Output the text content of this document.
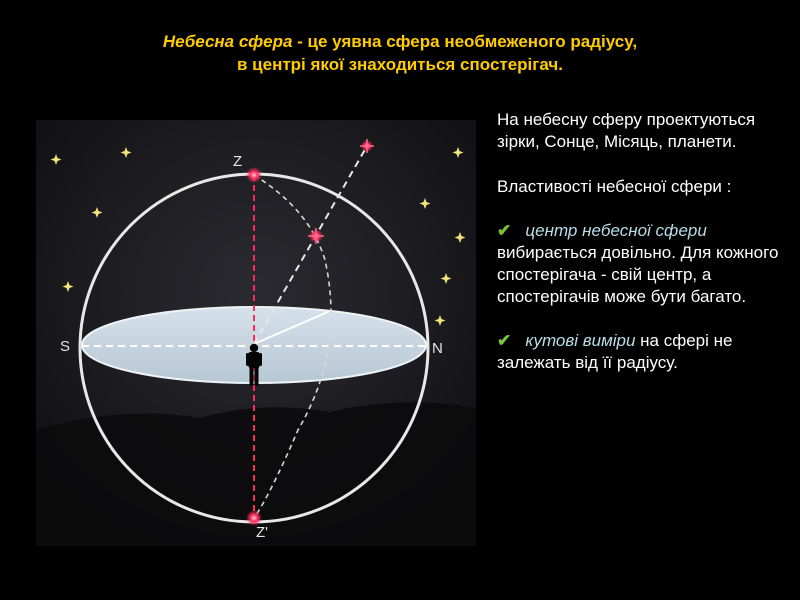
Небесна сфера - це уявна сфера необмеженого радіусу,
в центрі якої знаходиться спостерігач.
Z
Z'
S	N

На небесну сферу проектуються зірки, Сонце, Місяць, планети.

Властивості небесної сфери :

✔ центр небесної сфери вибирається довільно. Для кожного спостерігача - свій центр, а спостерігачів може бути багато.

✔ кутові виміри на сфері не залежать від її радіусу.
